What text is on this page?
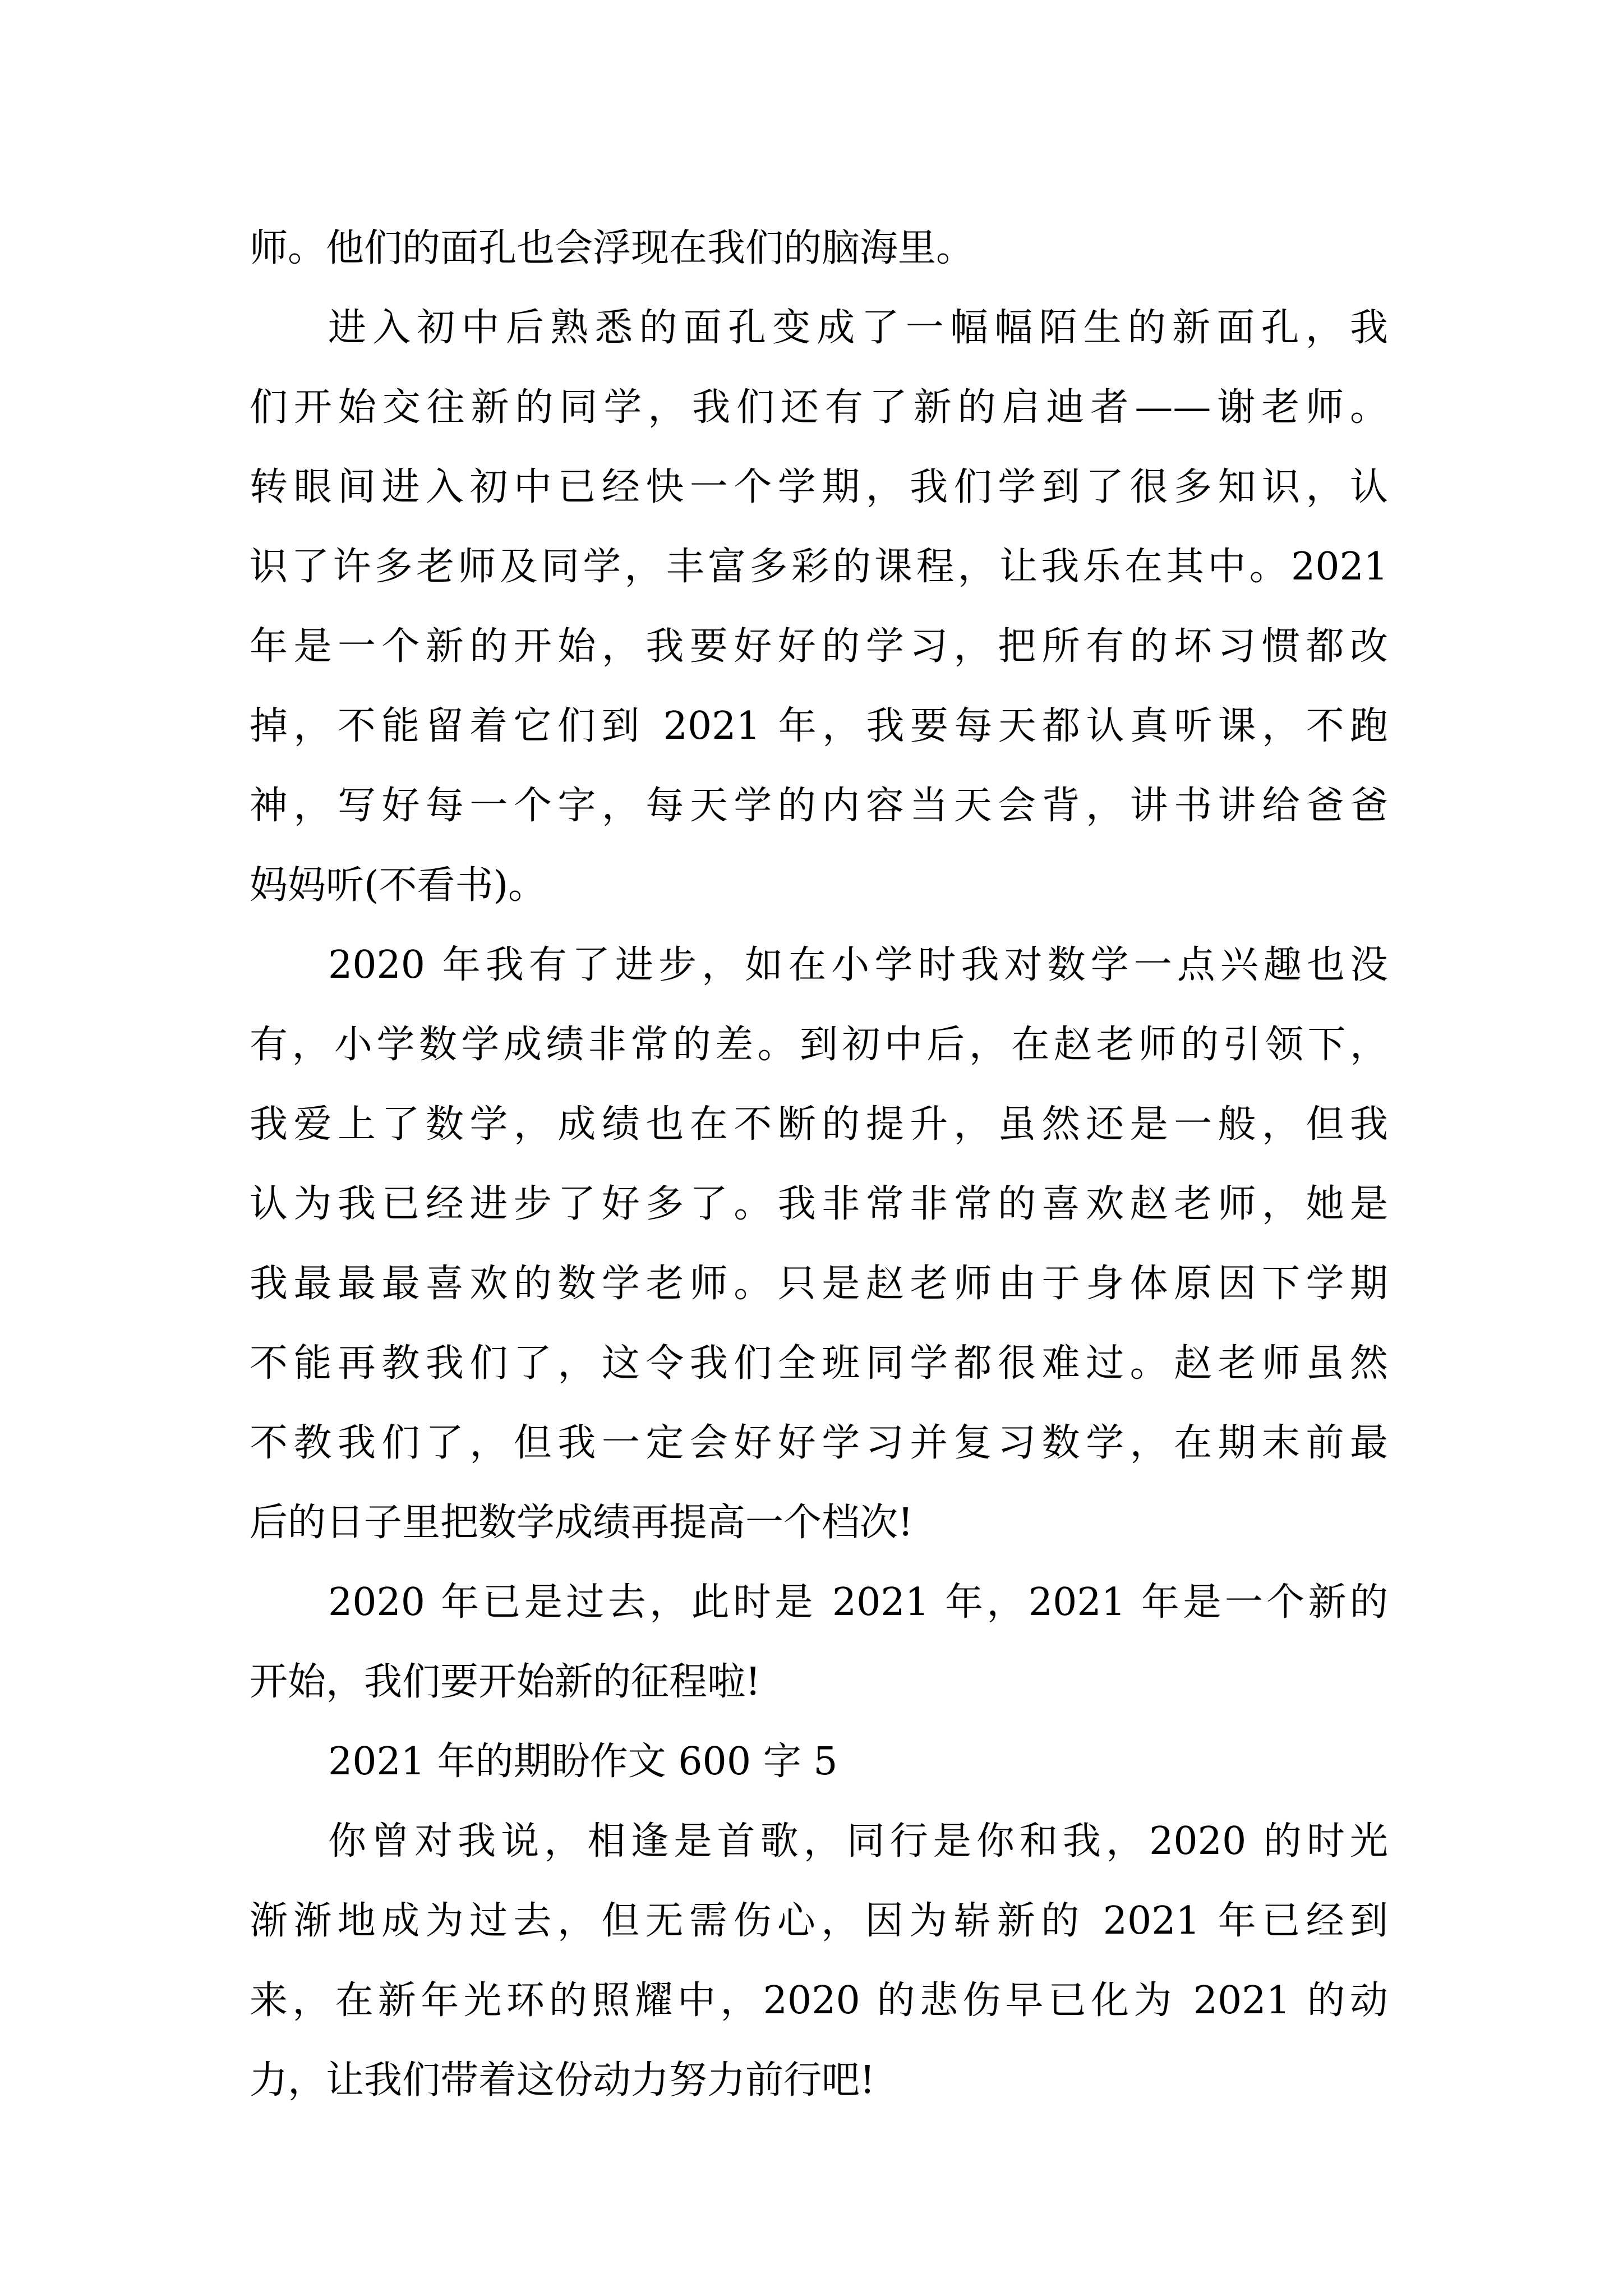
师。他们的面孔也会浮现在我们的脑海里。
进入初中后熟悉的面孔变成了一幅幅陌生的新面孔，我
们开始交往新的同学，我们还有了新的启迪者——谢老师。
转眼间进入初中已经快一个学期，我们学到了很多知识，认
识了许多老师及同学，丰富多彩的课程，让我乐在其中。2021
年是一个新的开始，我要好好的学习，把所有的坏习惯都改
掉，不能留着它们到 2021 年，我要每天都认真听课，不跑
神，写好每一个字，每天学的内容当天会背，讲书讲给爸爸
妈妈听(不看书)。
2020 年我有了进步，如在小学时我对数学一点兴趣也没
有，小学数学成绩非常的差。到初中后，在赵老师的引领下，
我爱上了数学，成绩也在不断的提升，虽然还是一般，但我
认为我已经进步了好多了。我非常非常的喜欢赵老师，她是
我最最最喜欢的数学老师。只是赵老师由于身体原因下学期
不能再教我们了，这令我们全班同学都很难过。赵老师虽然
不教我们了，但我一定会好好学习并复习数学，在期末前最
后的日子里把数学成绩再提高一个档次!
2020 年已是过去，此时是 2021 年，2021 年是一个新的
开始，我们要开始新的征程啦!
2021 年的期盼作文 600 字 5
你曾对我说，相逢是首歌，同行是你和我，2020 的时光
渐渐地成为过去，但无需伤心，因为崭新的 2021 年已经到
来，在新年光环的照耀中，2020 的悲伤早已化为 2021 的动
力，让我们带着这份动力努力前行吧!
